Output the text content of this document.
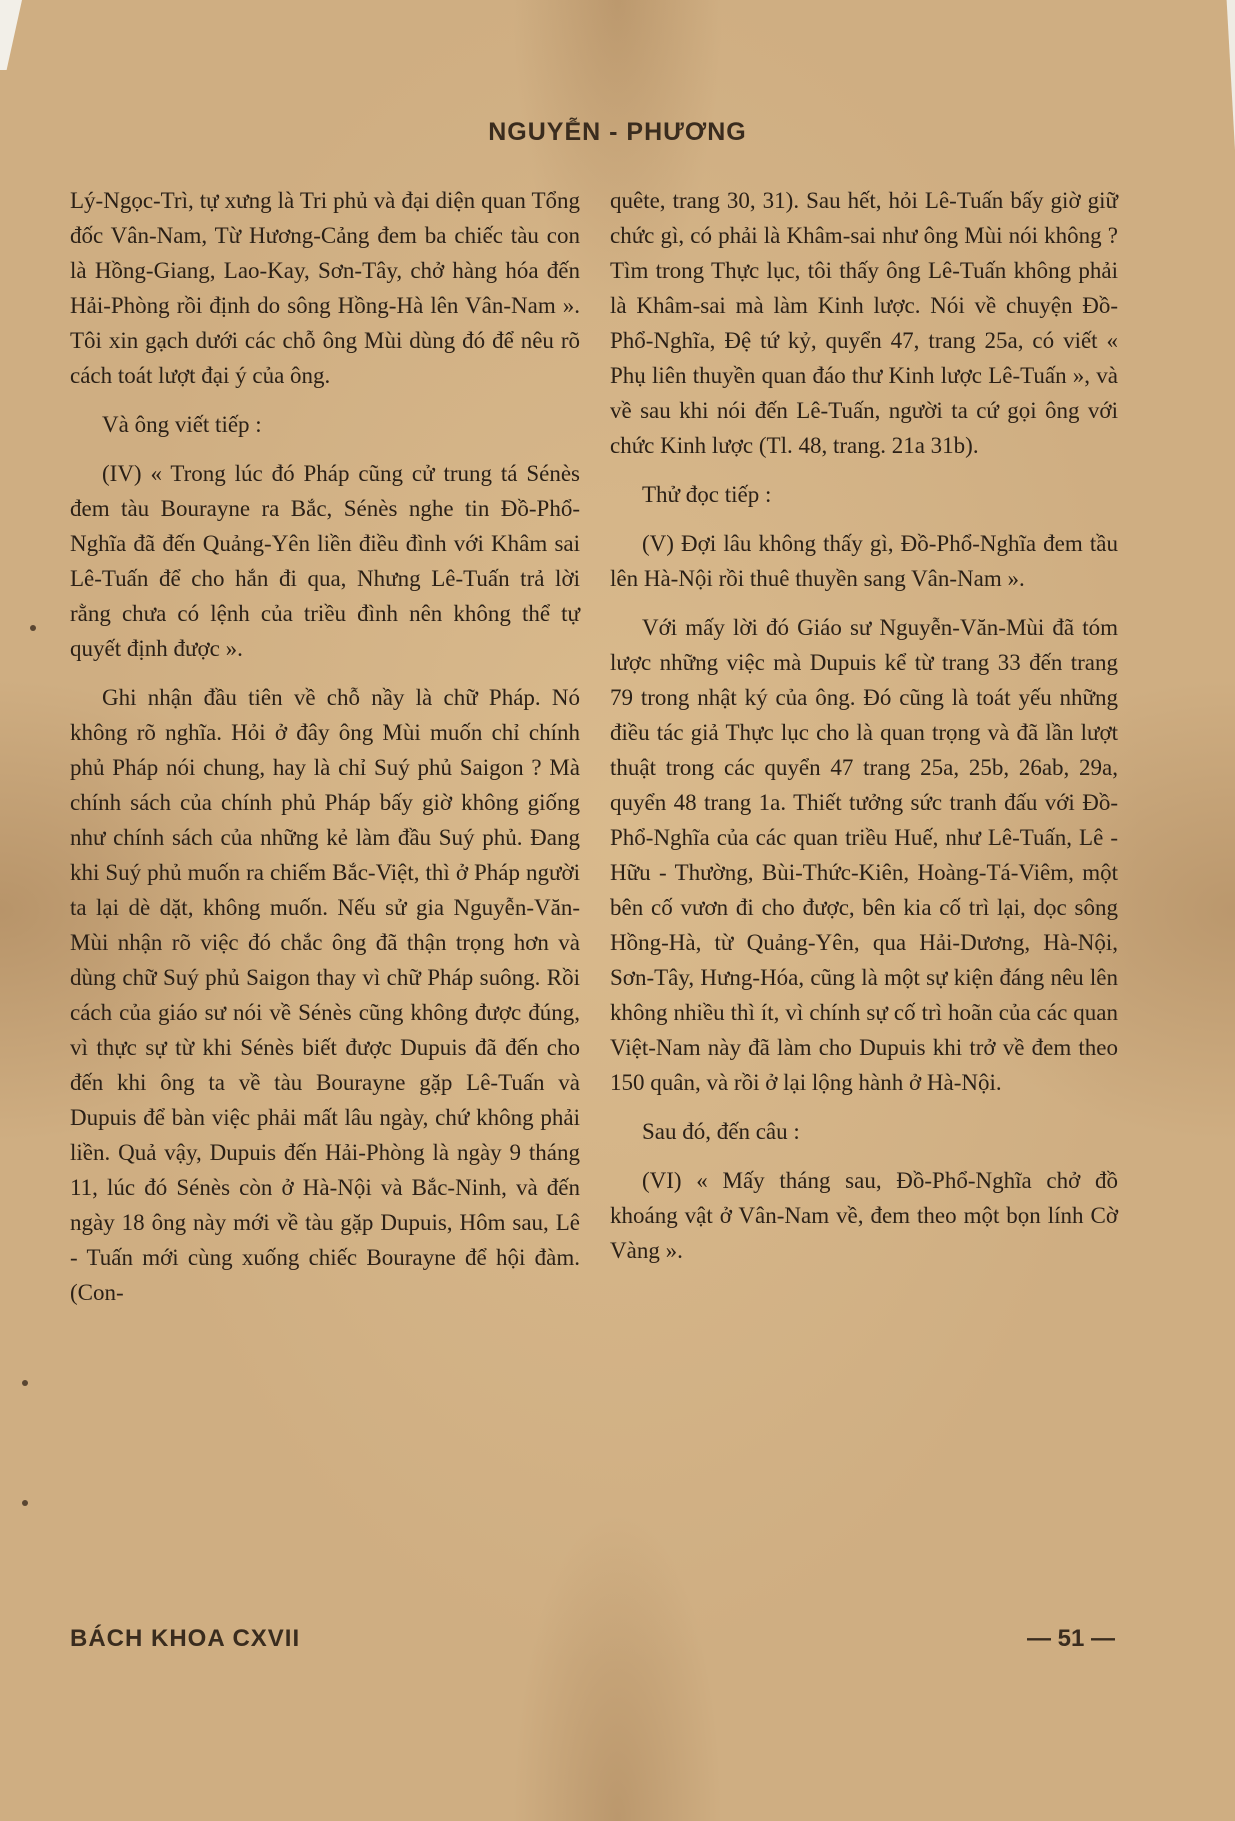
NGUYỄN - PHƯƠNG

Lý-Ngọc-Trì, tự xưng là Tri phủ và đại diện quan Tổng đốc Vân-Nam, Từ Hương-Cảng đem ba chiếc tàu con là Hồng-Giang, Lao-Kay, Sơn-Tây, chở hàng hóa đến Hải-Phòng rồi định do sông Hồng-Hà lên Vân-Nam ». Tôi xin gạch dưới các chỗ ông Mùi dùng đó để nêu rõ cách toát lượt đại ý của ông.

Và ông viết tiếp :

(IV) « Trong lúc đó Pháp cũng cử trung tá Sénès đem tàu Bourayne ra Bắc, Sénès nghe tin Đồ-Phổ-Nghĩa đã đến Quảng-Yên liền điều đình với Khâm sai Lê-Tuấn để cho hắn đi qua, Nhưng Lê-Tuấn trả lời rằng chưa có lệnh của triều đình nên không thể tự quyết định được ».

Ghi nhận đầu tiên về chỗ nầy là chữ Pháp. Nó không rõ nghĩa. Hỏi ở đây ông Mùi muốn chỉ chính phủ Pháp nói chung, hay là chỉ Suý phủ Saigon ? Mà chính sách của chính phủ Pháp bấy giờ không giống như chính sách của những kẻ làm đầu Suý phủ. Đang khi Suý phủ muốn ra chiếm Bắc-Việt, thì ở Pháp người ta lại dè dặt, không muốn. Nếu sử gia Nguyễn-Văn-Mùi nhận rõ việc đó chắc ông đã thận trọng hơn và dùng chữ Suý phủ Saigon thay vì chữ Pháp suông. Rồi cách của giáo sư nói về Sénès cũng không được đúng, vì thực sự từ khi Sénès biết được Dupuis đã đến cho đến khi ông ta về tàu Bourayne gặp Lê-Tuấn và Dupuis để bàn việc phải mất lâu ngày, chứ không phải liền. Quả vậy, Dupuis đến Hải-Phòng là ngày 9 tháng 11, lúc đó Sénès còn ở Hà-Nội và Bắc-Ninh, và đến ngày 18 ông này mới về tàu gặp Dupuis, Hôm sau, Lê - Tuấn mới cùng xuống chiếc Bourayne để hội đàm. (Con-

quête, trang 30, 31). Sau hết, hỏi Lê-Tuấn bấy giờ giữ chức gì, có phải là Khâm-sai như ông Mùi nói không ? Tìm trong Thực lục, tôi thấy ông Lê-Tuấn không phải là Khâm-sai mà làm Kinh lược. Nói về chuyện Đồ-Phổ-Nghĩa, Đệ tứ kỷ, quyển 47, trang 25a, có viết « Phụ liên thuyền quan đáo thư Kinh lược Lê-Tuấn », và về sau khi nói đến Lê-Tuấn, người ta cứ gọi ông với chức Kinh lược (Tl. 48, trang. 21a 31b).

Thử đọc tiếp :

(V) Đợi lâu không thấy gì, Đồ-Phổ-Nghĩa đem tầu lên Hà-Nội rồi thuê thuyền sang Vân-Nam ».

Với mấy lời đó Giáo sư Nguyễn-Văn-Mùi đã tóm lược những việc mà Dupuis kể từ trang 33 đến trang 79 trong nhật ký của ông. Đó cũng là toát yếu những điều tác giả Thực lục cho là quan trọng và đã lần lượt thuật trong các quyển 47 trang 25a, 25b, 26ab, 29a, quyển 48 trang 1a. Thiết tưởng sức tranh đấu với Đồ-Phổ-Nghĩa của các quan triều Huế, như Lê-Tuấn, Lê - Hữu - Thường, Bùi-Thức-Kiên, Hoàng-Tá-Viêm, một bên cố vươn đi cho được, bên kia cố trì lại, dọc sông Hồng-Hà, từ Quảng-Yên, qua Hải-Dương, Hà-Nội, Sơn-Tây, Hưng-Hóa, cũng là một sự kiện đáng nêu lên không nhiều thì ít, vì chính sự cố trì hoãn của các quan Việt-Nam này đã làm cho Dupuis khi trở về đem theo 150 quân, và rồi ở lại lộng hành ở Hà-Nội.

Sau đó, đến câu :

(VI) « Mấy tháng sau, Đồ-Phổ-Nghĩa chở đồ khoáng vật ở Vân-Nam về, đem theo một bọn lính Cờ Vàng ».

BÁCH KHOA CXVII	— 51 —
